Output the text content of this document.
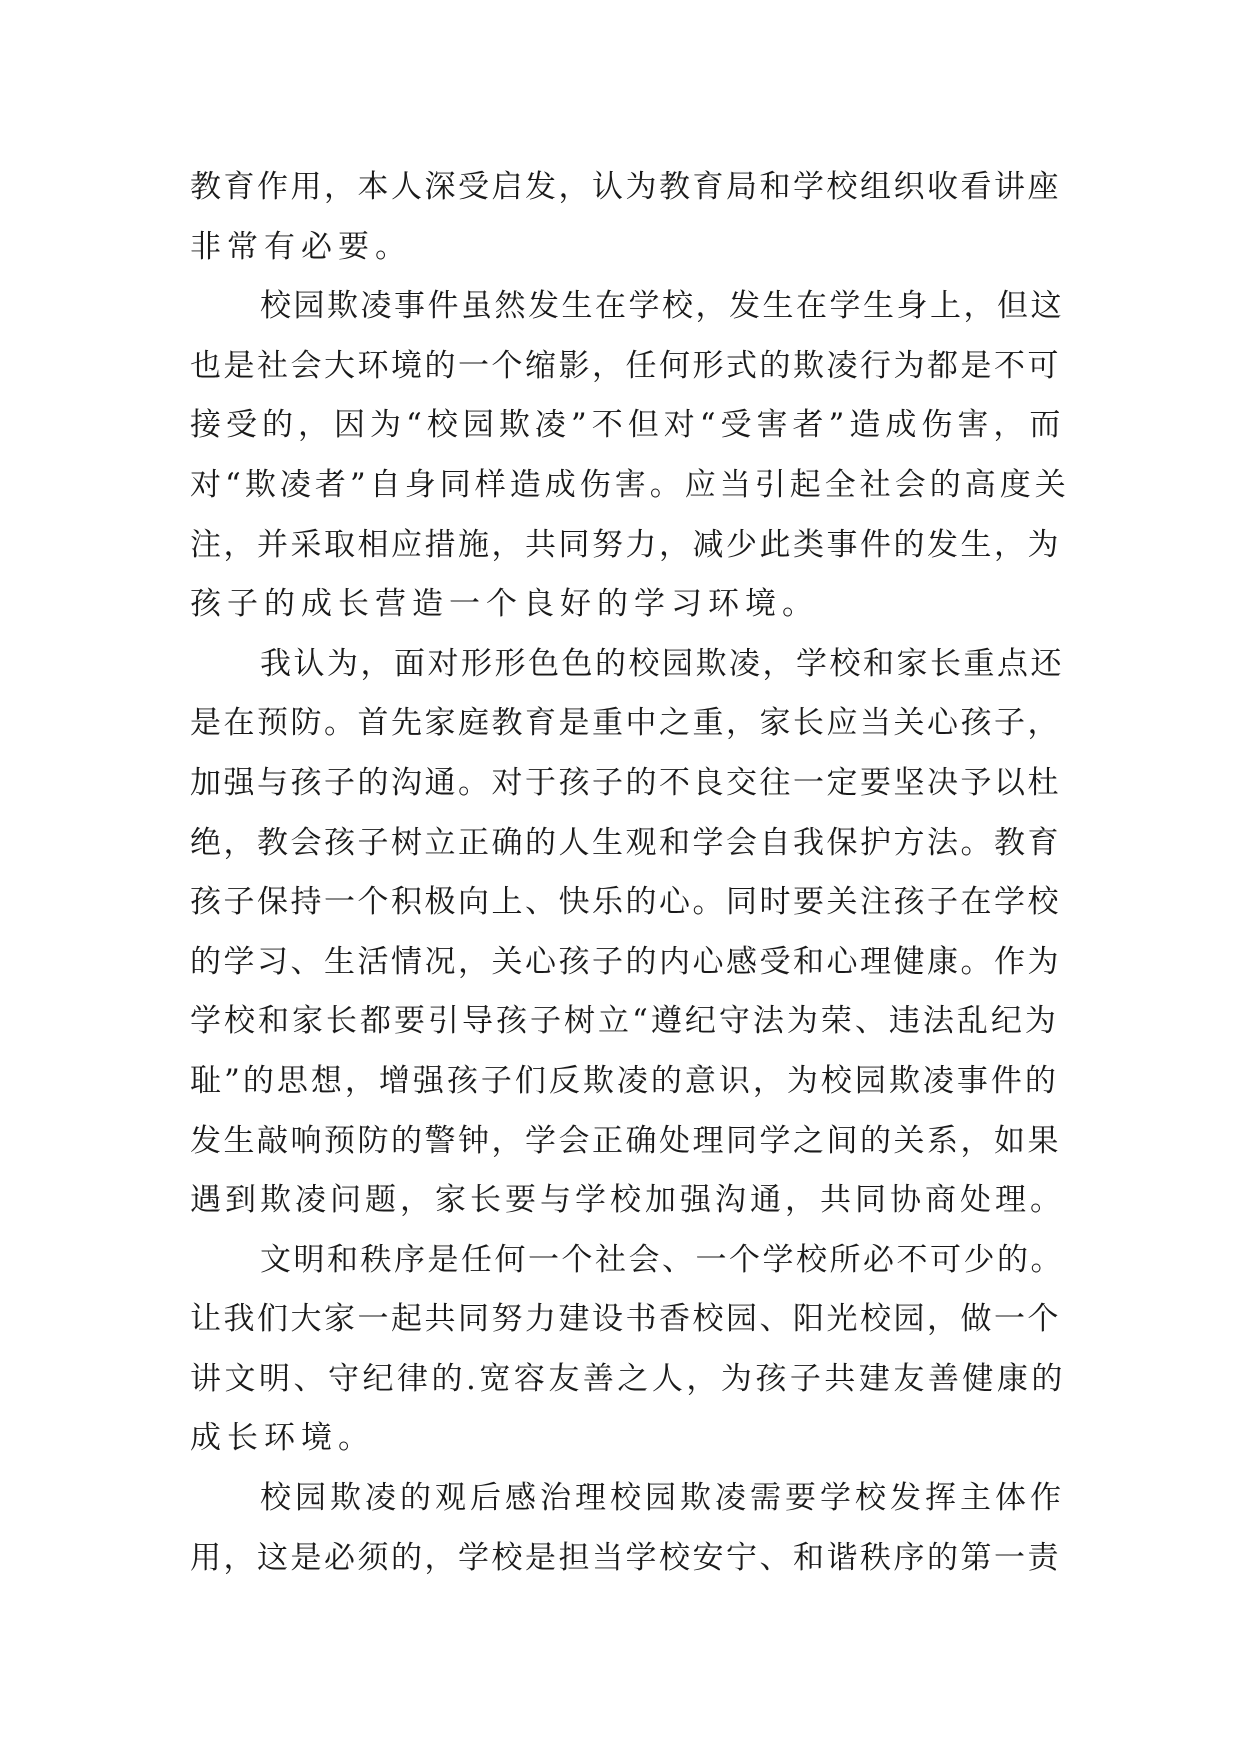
教育作用，本人深受启发，认为教育局和学校组织收看讲座
非常有必要。
校园欺凌事件虽然发生在学校，发生在学生身上，但这
也是社会大环境的一个缩影，任何形式的欺凌行为都是不可
接受的，因为“校园欺凌”不但对“受害者”造成伤害，而
对“欺凌者”自身同样造成伤害。应当引起全社会的高度关
注，并采取相应措施，共同努力，减少此类事件的发生，为
孩子的成长营造一个良好的学习环境。
我认为，面对形形色色的校园欺凌，学校和家长重点还
是在预防。首先家庭教育是重中之重，家长应当关心孩子，
加强与孩子的沟通。对于孩子的不良交往一定要坚决予以杜
绝，教会孩子树立正确的人生观和学会自我保护方法。教育
孩子保持一个积极向上、快乐的心。同时要关注孩子在学校
的学习、生活情况，关心孩子的内心感受和心理健康。作为
学校和家长都要引导孩子树立“遵纪守法为荣、违法乱纪为
耻”的思想，增强孩子们反欺凌的意识，为校园欺凌事件的
发生敲响预防的警钟，学会正确处理同学之间的关系，如果
遇到欺凌问题，家长要与学校加强沟通，共同协商处理。
文明和秩序是任何一个社会、一个学校所必不可少的。
让我们大家一起共同努力建设书香校园、阳光校园，做一个
讲文明、守纪律的.宽容友善之人，为孩子共建友善健康的
成长环境。
校园欺凌的观后感治理校园欺凌需要学校发挥主体作
用，这是必须的，学校是担当学校安宁、和谐秩序的第一责
